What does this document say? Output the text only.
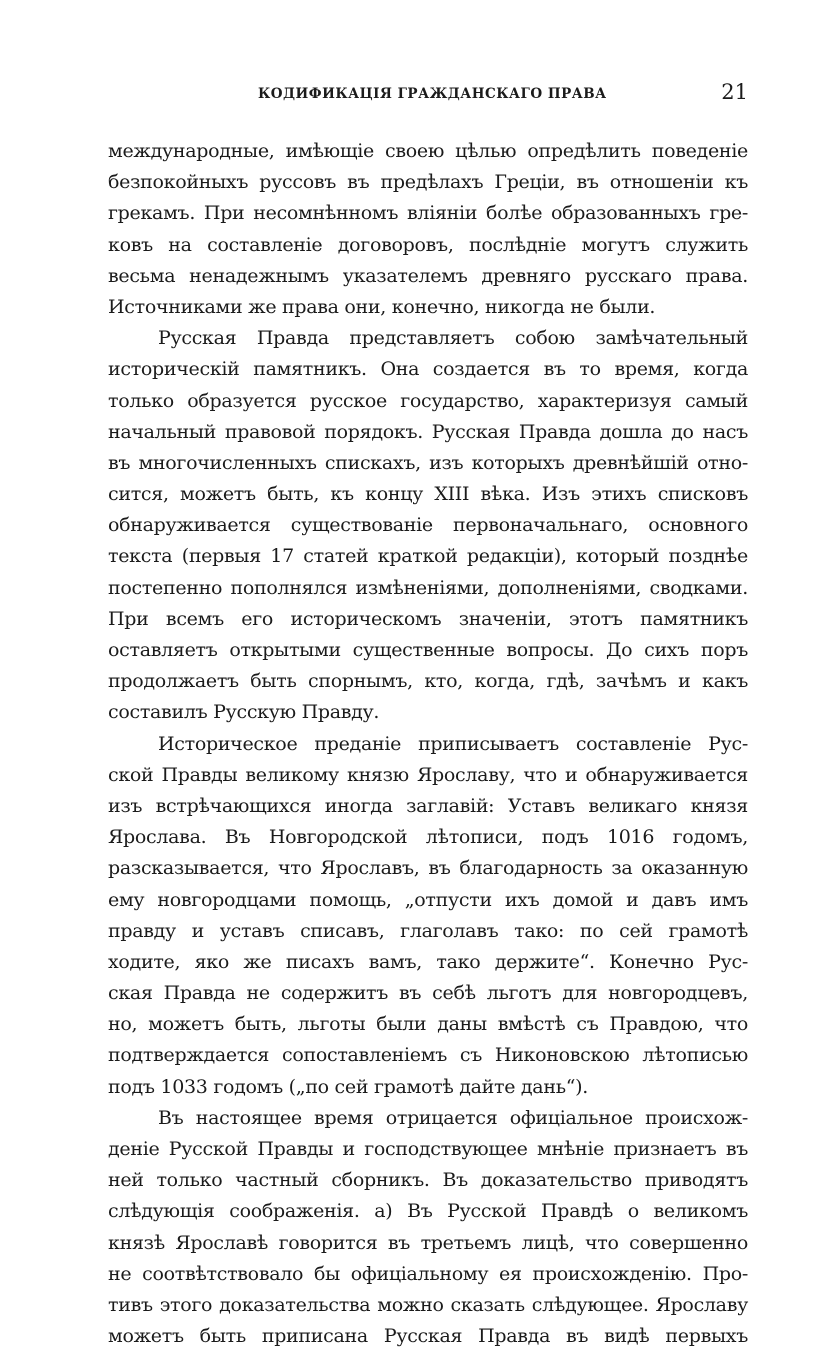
КОДИФИКАЦІЯ ГРАЖДАНСКАГО ПРАВА	21
международные, имѣющіе своею цѣлью опредѣлить поведеніе
безпокойныхъ руссовъ въ предѣлахъ Греціи, въ отношеніи къ
грекамъ. При несомнѣнномъ вліяніи болѣе образованныхъ гре-
ковъ на составленіе договоровъ, послѣдніе могутъ служить
весьма ненадежнымъ указателемъ древняго русскаго права.
Источниками же права они, конечно, никогда не были.
Русская Правда представляетъ собою замѣчательный
историческій памятникъ. Она создается въ то время, когда
только образуется русское государство, характеризуя самый
начальный правовой порядокъ. Русская Правда дошла до насъ
въ многочисленныхъ спискахъ, изъ которыхъ древнѣйшій отно-
сится, можетъ быть, къ концу XIII вѣка. Изъ этихъ списковъ
обнаруживается существованіе первоначальнаго, основного
текста (первыя 17 статей краткой редакціи), который позднѣе
постепенно пополнялся измѣненіями, дополненіями, сводками.
При всемъ его историческомъ значеніи, этотъ памятникъ
оставляетъ открытыми существенные вопросы. До сихъ поръ
продолжаетъ быть спорнымъ, кто, когда, гдѣ, зачѣмъ и какъ
составилъ Русскую Правду.
Историческое преданіе приписываетъ составленіе Рус-
ской Правды великому князю Ярославу, что и обнаруживается
изъ встрѣчающихся иногда заглавій: Уставъ великаго князя
Ярослава. Въ Новгородской лѣтописи, подъ 1016 годомъ,
разсказывается, что Ярославъ, въ благодарность за оказанную
ему новгородцами помощь, „отпусти ихъ домой и давъ имъ
правду и уставъ списавъ, глаголавъ тако: по сей грамотѣ
ходите, яко же писахъ вамъ, тако держите“. Конечно Рус-
ская Правда не содержитъ въ себѣ льготъ для новгородцевъ,
но, можетъ быть, льготы были даны вмѣстѣ съ Правдою, что
подтверждается сопоставленіемъ съ Никоновскою лѣтописью
подъ 1033 годомъ („по сей грамотѣ дайте дань“).
Въ настоящее время отрицается офиціальное происхож-
деніе Русской Правды и господствующее мнѣніе признаетъ въ
ней только частный сборникъ. Въ доказательство приводятъ
слѣдующія соображенія. а) Въ Русской Правдѣ о великомъ
князѣ Ярославѣ говорится въ третьемъ лицѣ, что совершенно
не соотвѣтствовало бы офиціальному ея происхожденію. Про-
тивъ этого доказательства можно сказать слѣдующее. Ярославу
можетъ быть приписана Русская Правда въ видѣ первыхъ
